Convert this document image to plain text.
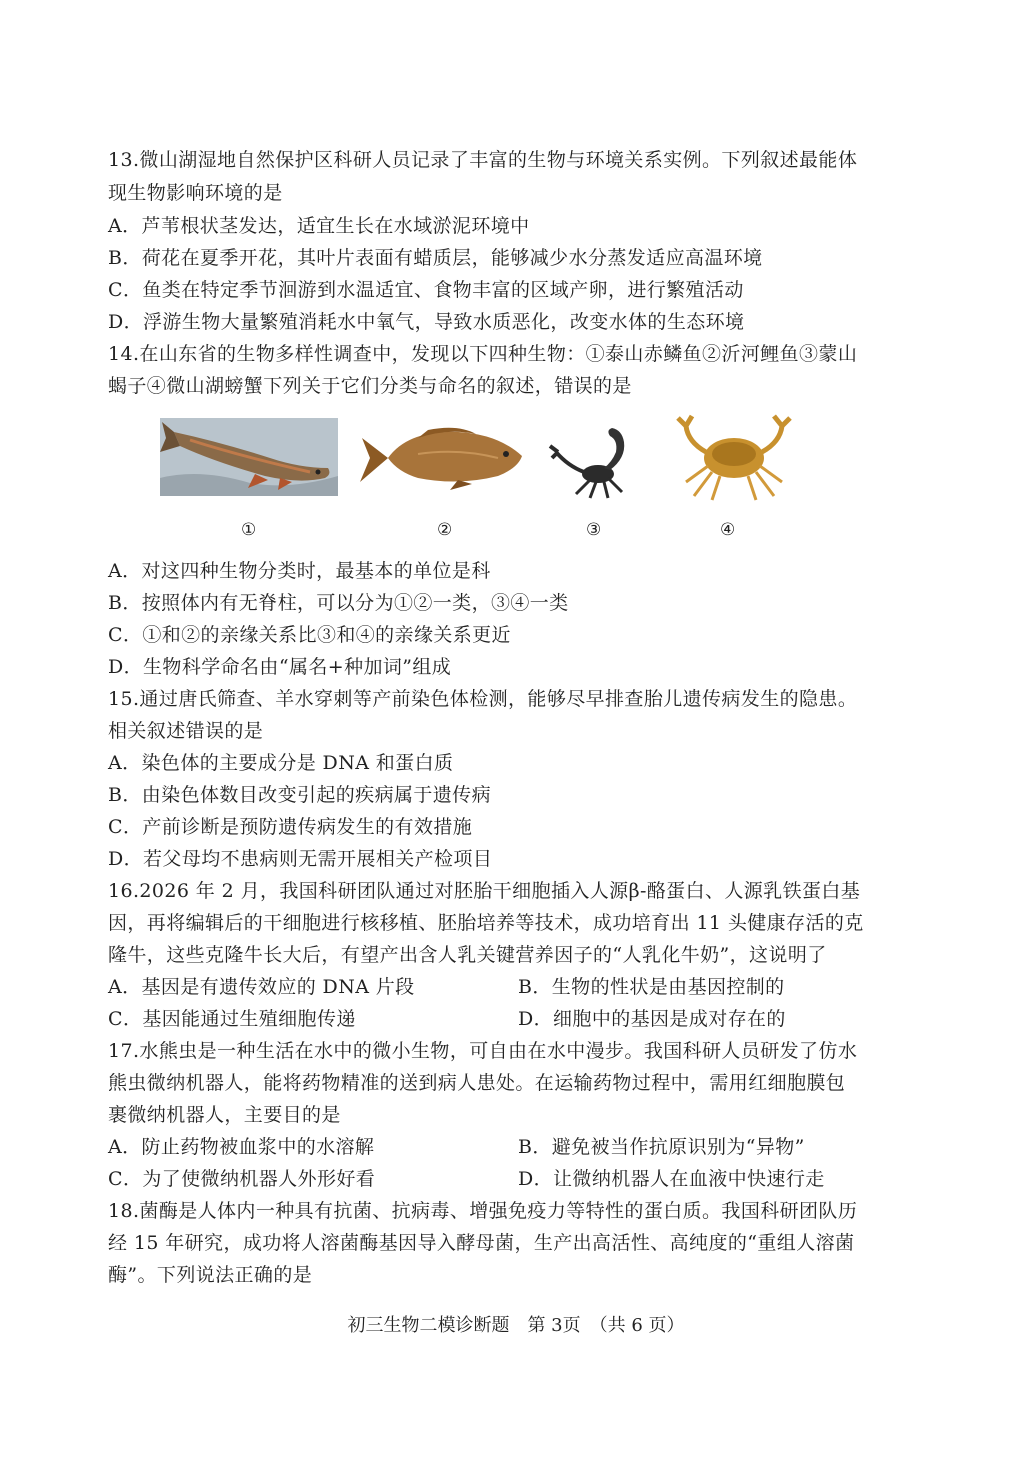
13.微山湖湿地自然保护区科研人员记录了丰富的生物与环境关系实例。下列叙述最能体
现生物影响环境的是
A．芦苇根状茎发达，适宜生长在水域淤泥环境中
B．荷花在夏季开花，其叶片表面有蜡质层，能够减少水分蒸发适应高温环境
C．鱼类在特定季节洄游到水温适宜、食物丰富的区域产卵，进行繁殖活动
D．浮游生物大量繁殖消耗水中氧气，导致水质恶化，改变水体的生态环境
14.在山东省的生物多样性调查中，发现以下四种生物：①泰山赤鳞鱼②沂河鲤鱼③蒙山
蝎子④微山湖螃蟹下列关于它们分类与命名的叙述，错误的是
①	②	③	④
A．对这四种生物分类时，最基本的单位是科
B．按照体内有无脊柱，可以分为①②一类，③④一类
C．①和②的亲缘关系比③和④的亲缘关系更近
D．生物科学命名由“属名+种加词”组成
15.通过唐氏筛查、羊水穿刺等产前染色体检测，能够尽早排查胎儿遗传病发生的隐患。
相关叙述错误的是
A．染色体的主要成分是 DNA 和蛋白质
B．由染色体数目改变引起的疾病属于遗传病
C．产前诊断是预防遗传病发生的有效措施
D．若父母均不患病则无需开展相关产检项目
16.2026 年 2 月，我国科研团队通过对胚胎干细胞插入人源β-酪蛋白、人源乳铁蛋白基
因，再将编辑后的干细胞进行核移植、胚胎培养等技术，成功培育出 11 头健康存活的克
隆牛，这些克隆牛长大后，有望产出含人乳关键营养因子的“人乳化牛奶”，这说明了
A．基因是有遗传效应的 DNA 片段	B．生物的性状是由基因控制的
C．基因能通过生殖细胞传递	D．细胞中的基因是成对存在的
17.水熊虫是一种生活在水中的微小生物，可自由在水中漫步。我国科研人员研发了仿水
熊虫微纳机器人，能将药物精准的送到病人患处。在运输药物过程中，需用红细胞膜包
裹微纳机器人，主要目的是
A．防止药物被血浆中的水溶解	B．避免被当作抗原识别为“异物”
C．为了使微纳机器人外形好看	D．让微纳机器人在血液中快速行走
18.菌酶是人体内一种具有抗菌、抗病毒、增强免疫力等特性的蛋白质。我国科研团队历
经 15 年研究，成功将人溶菌酶基因导入酵母菌，生产出高活性、高纯度的“重组人溶菌
酶”。下列说法正确的是
初三生物二模诊断题　第 3页　（共 6 页）
